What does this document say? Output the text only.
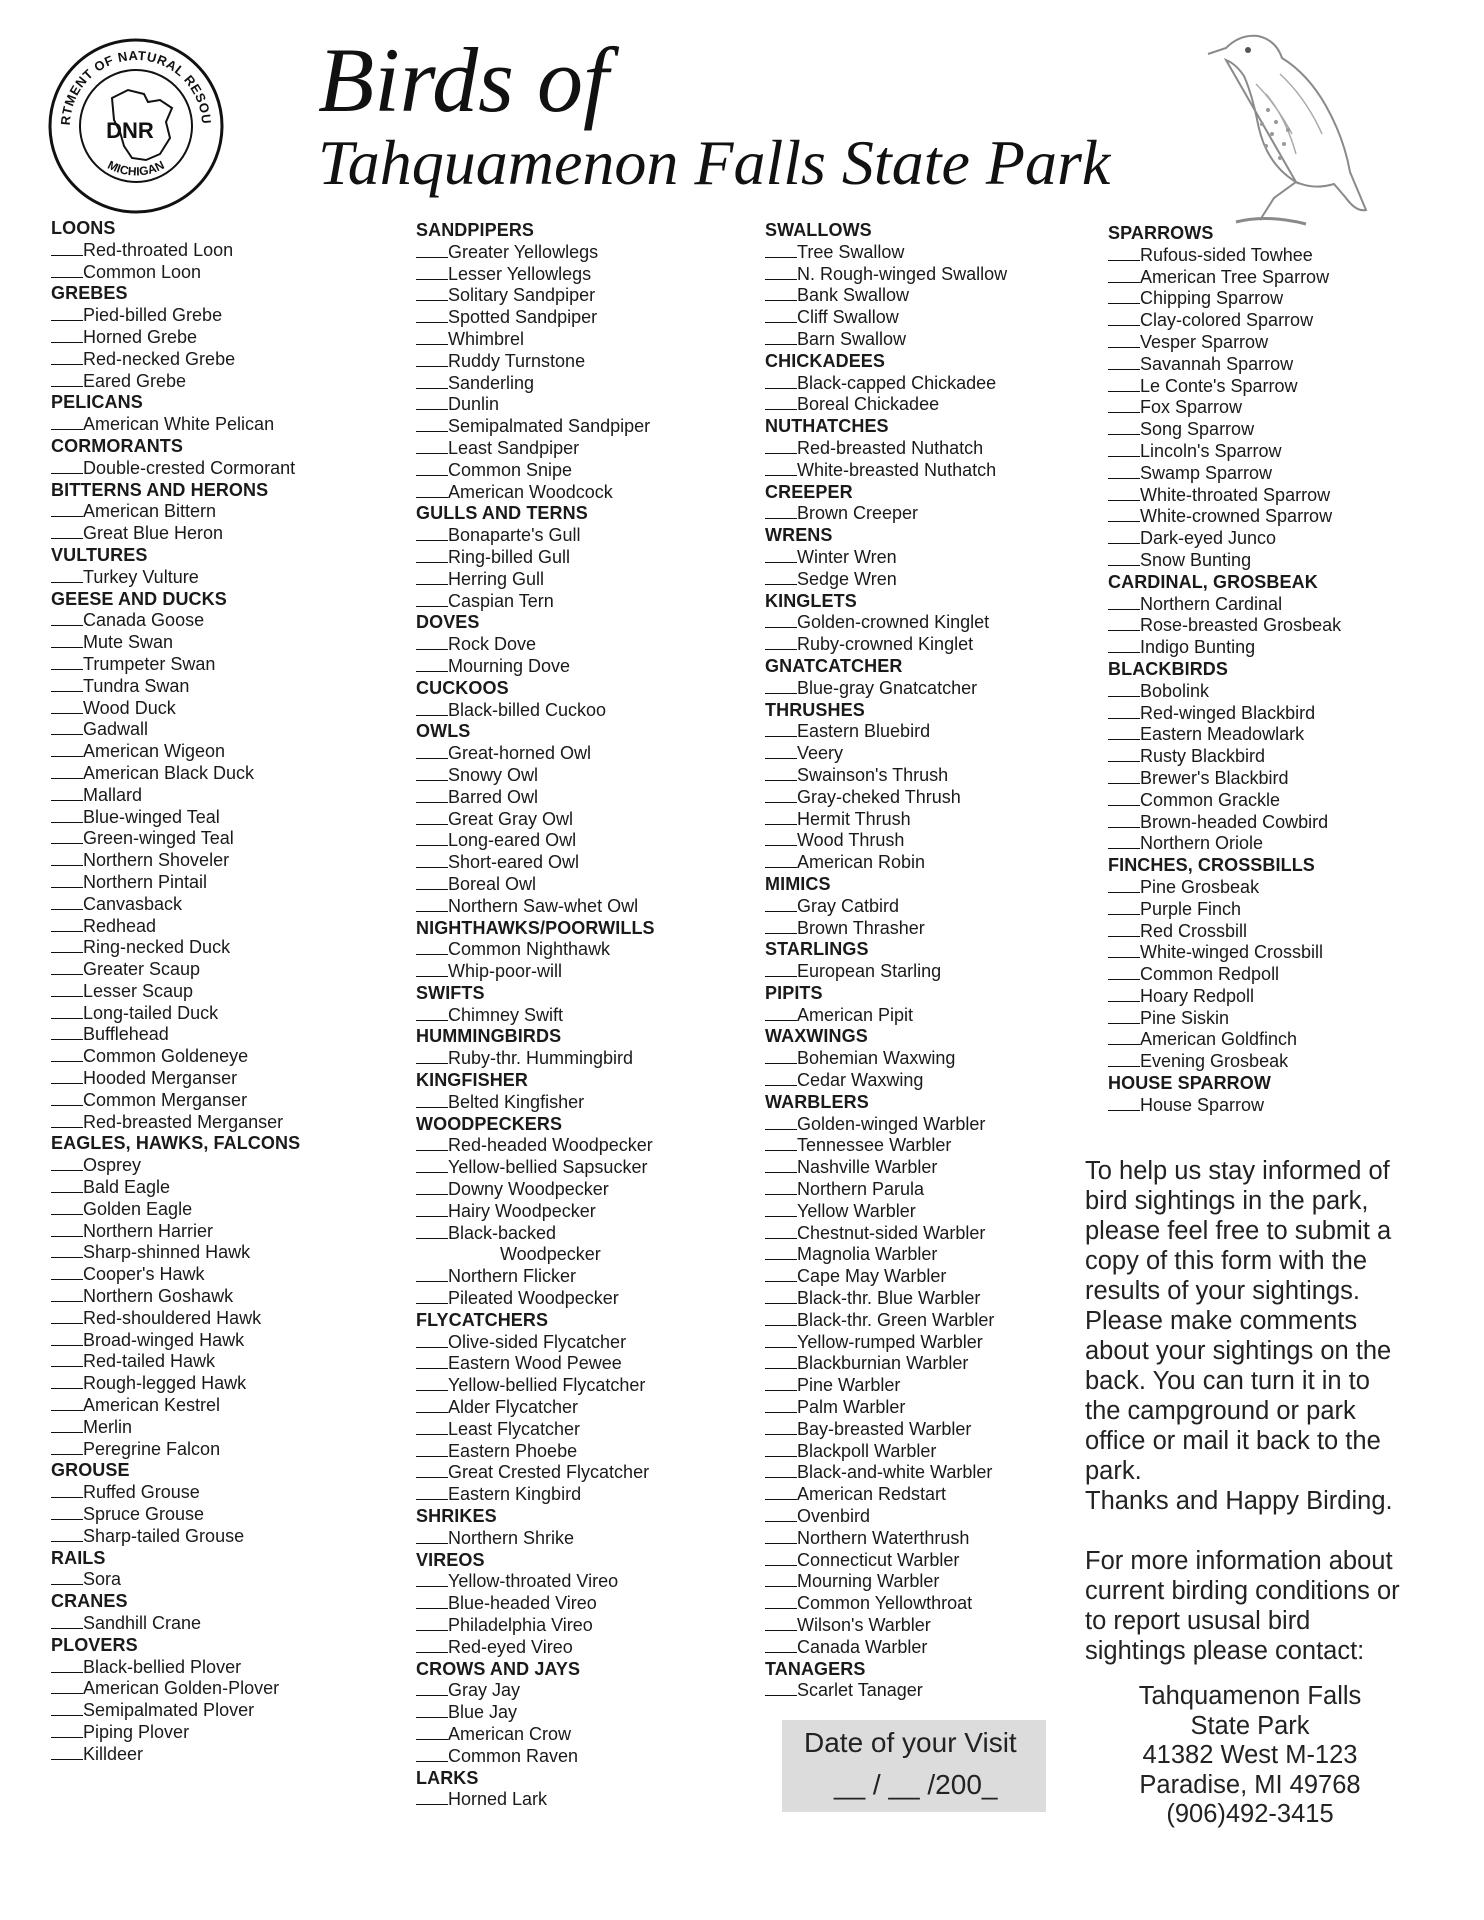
RTMENT OF NATURAL RESOU
MICHIGAN
DNR Birds of
Tahquamenon Falls State Park
LOONS
Red-throated Loon
Common Loon
GREBES
Pied-billed Grebe
Horned Grebe
Red-necked Grebe
Eared Grebe
PELICANS
American White Pelican
CORMORANTS
Double-crested Cormorant
BITTERNS AND HERONS
American Bittern
Great Blue Heron
VULTURES
Turkey Vulture
GEESE AND DUCKS
Canada Goose
Mute Swan
Trumpeter Swan
Tundra Swan
Wood Duck
Gadwall
American Wigeon
American Black Duck
Mallard
Blue-winged Teal
Green-winged Teal
Northern Shoveler
Northern Pintail
Canvasback
Redhead
Ring-necked Duck
Greater Scaup
Lesser Scaup
Long-tailed Duck
Bufflehead
Common Goldeneye
Hooded Merganser
Common Merganser
Red-breasted Merganser
EAGLES, HAWKS, FALCONS
Osprey
Bald Eagle
Golden Eagle
Northern Harrier
Sharp-shinned Hawk
Cooper's Hawk
Northern Goshawk
Red-shouldered Hawk
Broad-winged Hawk
Red-tailed Hawk
Rough-legged Hawk
American Kestrel
Merlin
Peregrine Falcon
GROUSE
Ruffed Grouse
Spruce Grouse
Sharp-tailed Grouse
RAILS
Sora
CRANES
Sandhill Crane
PLOVERS
Black-bellied Plover
American Golden-Plover
Semipalmated Plover
Piping Plover
Killdeer
SANDPIPERS
Greater Yellowlegs
Lesser Yellowlegs
Solitary Sandpiper
Spotted Sandpiper
Whimbrel
Ruddy Turnstone
Sanderling
Dunlin
Semipalmated Sandpiper
Least Sandpiper
Common Snipe
American Woodcock
GULLS AND TERNS
Bonaparte's Gull
Ring-billed Gull
Herring Gull
Caspian Tern
DOVES
Rock Dove
Mourning Dove
CUCKOOS
Black-billed Cuckoo
OWLS
Great-horned Owl
Snowy Owl
Barred Owl
Great Gray Owl
Long-eared Owl
Short-eared Owl
Boreal Owl
Northern Saw-whet Owl
NIGHTHAWKS/POORWILLS
Common Nighthawk
Whip-poor-will
SWIFTS
Chimney Swift
HUMMINGBIRDS
Ruby-thr. Hummingbird
KINGFISHER
Belted Kingfisher
WOODPECKERS
Red-headed Woodpecker
Yellow-bellied Sapsucker
Downy Woodpecker
Hairy Woodpecker
Black-backed
Woodpecker
Northern Flicker
Pileated Woodpecker
FLYCATCHERS
Olive-sided Flycatcher
Eastern Wood Pewee
Yellow-bellied Flycatcher
Alder Flycatcher
Least Flycatcher
Eastern Phoebe
Great Crested Flycatcher
Eastern Kingbird
SHRIKES
Northern Shrike
VIREOS
Yellow-throated Vireo
Blue-headed Vireo
Philadelphia Vireo
Red-eyed Vireo
CROWS AND JAYS
Gray Jay
Blue Jay
American Crow
Common Raven
LARKS
Horned Lark
SWALLOWS
Tree Swallow
N. Rough-winged Swallow
Bank Swallow
Cliff Swallow
Barn Swallow
CHICKADEES
Black-capped Chickadee
Boreal Chickadee
NUTHATCHES
Red-breasted Nuthatch
White-breasted Nuthatch
CREEPER
Brown Creeper
WRENS
Winter Wren
Sedge Wren
KINGLETS
Golden-crowned Kinglet
Ruby-crowned Kinglet
GNATCATCHER
Blue-gray Gnatcatcher
THRUSHES
Eastern Bluebird
Veery
Swainson's Thrush
Gray-cheked Thrush
Hermit Thrush
Wood Thrush
American Robin
MIMICS
Gray Catbird
Brown Thrasher
STARLINGS
European Starling
PIPITS
American Pipit
WAXWINGS
Bohemian Waxwing
Cedar Waxwing
WARBLERS
Golden-winged Warbler
Tennessee Warbler
Nashville Warbler
Northern Parula
Yellow Warbler
Chestnut-sided Warbler
Magnolia Warbler
Cape May Warbler
Black-thr. Blue Warbler
Black-thr. Green Warbler
Yellow-rumped Warbler
Blackburnian Warbler
Pine Warbler
Palm Warbler
Bay-breasted Warbler
Blackpoll Warbler
Black-and-white Warbler
American Redstart
Ovenbird
Northern Waterthrush
Connecticut Warbler
Mourning Warbler
Common Yellowthroat
Wilson's Warbler
Canada Warbler
TANAGERS
Scarlet Tanager
SPARROWS
Rufous-sided Towhee
American Tree Sparrow
Chipping Sparrow
Clay-colored Sparrow
Vesper Sparrow
Savannah Sparrow
Le Conte's Sparrow
Fox Sparrow
Song Sparrow
Lincoln's Sparrow
Swamp Sparrow
White-throated Sparrow
White-crowned Sparrow
Dark-eyed Junco
Snow Bunting
CARDINAL, GROSBEAK
Northern Cardinal
Rose-breasted Grosbeak
Indigo Bunting
BLACKBIRDS
Bobolink
Red-winged Blackbird
Eastern Meadowlark
Rusty Blackbird
Brewer's Blackbird
Common Grackle
Brown-headed Cowbird
Northern Oriole
FINCHES, CROSSBILLS
Pine Grosbeak
Purple Finch
Red Crossbill
White-winged Crossbill
Common Redpoll
Hoary Redpoll
Pine Siskin
American Goldfinch
Evening Grosbeak
HOUSE SPARROW
House Sparrow

To help us stay informed of

bird sightings in the park,

please feel free to submit a

copy of this form with the

results of your sightings.

Please make comments

about your sightings on the

back. You can turn it in to

the campground or park

office or mail it back to the

park.

Thanks and Happy Birding.

For more information about

current birding conditions or

to report ususal bird

sightings please contact:

Date of your Visit
__ / __ /200_
Tahquamenon Falls
State Park
41382 West M-123
Paradise, MI 49768
(906)492-3415
